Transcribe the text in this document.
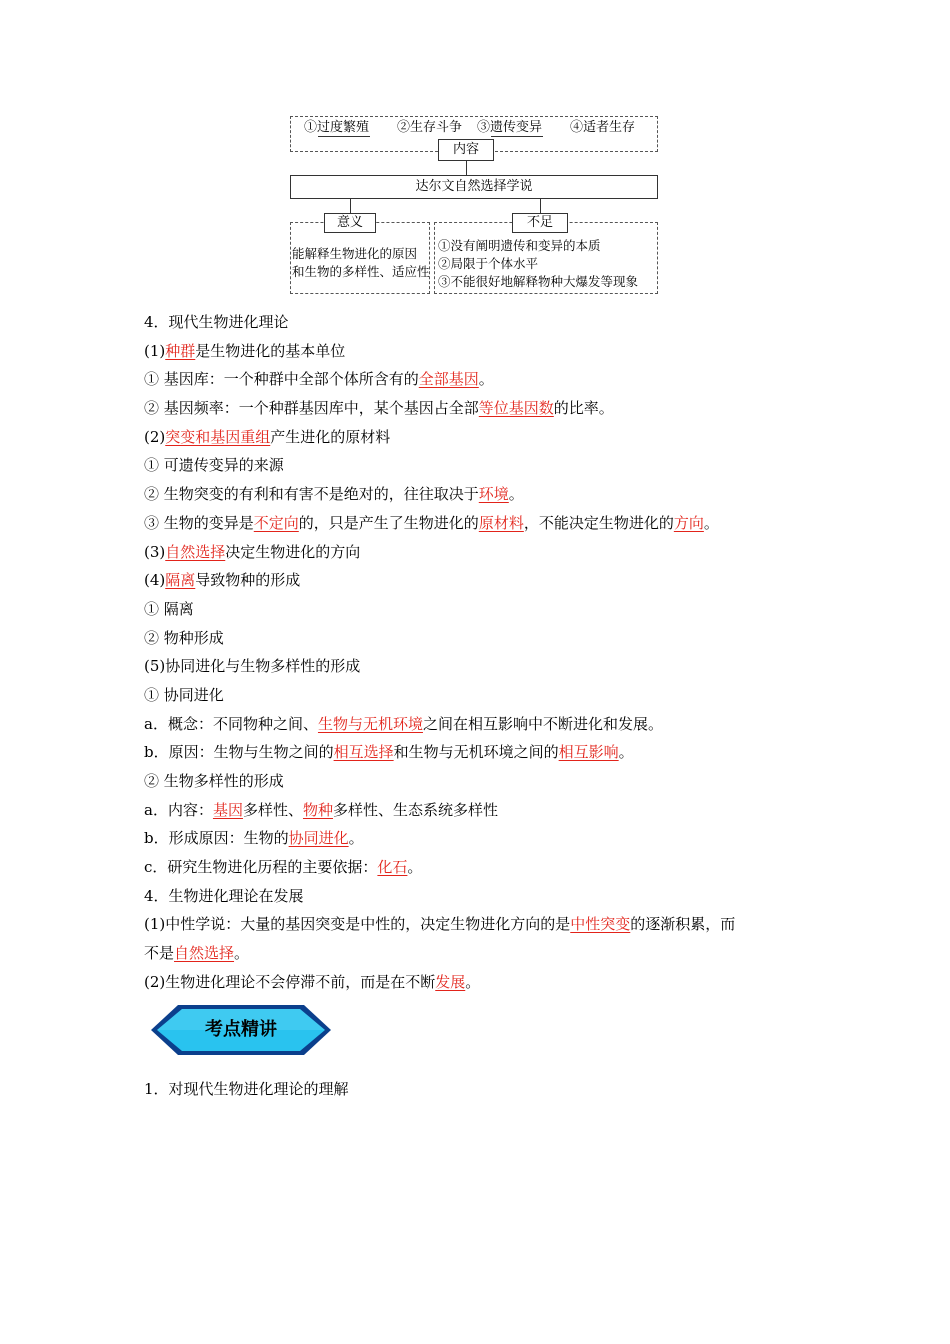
①过度繁殖 ②生存斗争 ③遗传变异 ④适者生存
内容
达尔文自然选择学说
意义
能解释生物进化的原因
和生物的多样性、适应性
不足
①没有阐明遗传和变异的本质
②局限于个体水平
③不能很好地解释物种大爆发等现象
4．现代生物进化理论
(1)种群是生物进化的基本单位
① 基因库：一个种群中全部个体所含有的全部基因。
② 基因频率：一个种群基因库中，某个基因占全部等位基因数的比率。
(2)突变和基因重组产生进化的原材料
① 可遗传变异的来源
② 生物突变的有利和有害不是绝对的，往往取决于环境。
③ 生物的变异是不定向的，只是产生了生物进化的原材料，不能决定生物进化的方向。
(3)自然选择决定生物进化的方向
(4)隔离导致物种的形成
① 隔离
② 物种形成
(5)协同进化与生物多样性的形成
① 协同进化
a．概念：不同物种之间、生物与无机环境之间在相互影响中不断进化和发展。
b．原因：生物与生物之间的相互选择和生物与无机环境之间的相互影响。
② 生物多样性的形成
a．内容：基因多样性、物种多样性、生态系统多样性
b．形成原因：生物的协同进化。
c．研究生物进化历程的主要依据：化石。
4．生物进化理论在发展
(1)中性学说：大量的基因突变是中性的，决定生物进化方向的是中性突变的逐渐积累，而
不是自然选择。
(2)生物进化理论不会停滞不前，而是在不断发展。
考点精讲
1．对现代生物进化理论的理解
